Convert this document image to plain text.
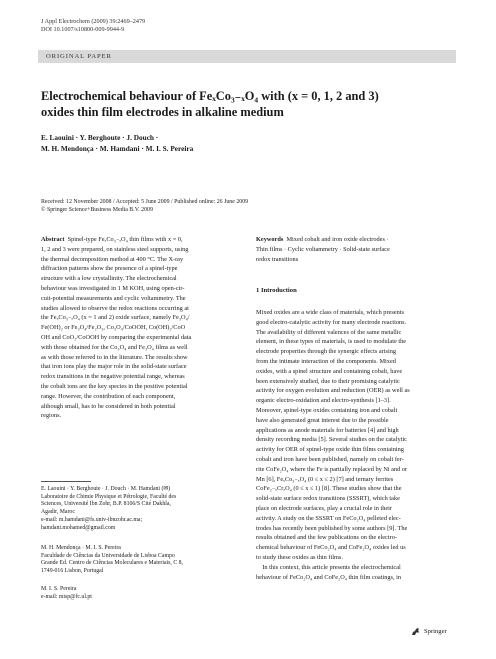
J Appl Electrochem (2009) 39:2469–2479
DOI 10.1007/s10800-009-9944-9
ORIGINAL PAPER
Electrochemical behaviour of FeₓCo₃₋ₓO₄ with (x = 0, 1, 2 and 3)
oxides thin film electrodes in alkaline medium
E. Laouini · Y. Berghoute · J. Douch ·
M. H. Mendonça · M. Hamdani · M. I. S. Pereira
Received: 12 November 2008 / Accepted: 5 June 2009 / Published online: 26 June 2009
© Springer Science+Business Media B.V. 2009
Abstract Spinel-type FeₓCo₃₋ₓO₄ thin films with x = 0,
1, 2 and 3 were prepared, on stainless steel supports, using
the thermal decomposition method at 400 °C. The X-ray
diffraction patterns show the presence of a spinel-type
structure with a low crystallinity. The electrochemical
behaviour was investigated in 1 M KOH, using open-cir-
cuit-potential measurements and cyclic voltammetry. The
studies allowed to observe the redox reactions occurring at
the FeₓCo₃₋ₓO₄ (x = 1 and 2) oxide surface, namely Fe₃O₄/
Fe(OH)₂ or Fe₃O₄/Fe₂O₃, Co₃O₄/CoOOH, Co(OH)₂/CoO
OH and CoO₂/CoOOH by comparing the experimental data
with those obtained for the Co₃O₄ and Fe₃O₄ films as well
as with those referred to in the literature. The results show
that iron ions play the major role in the solid-state surface
redox transitions in the negative potential range, whereas
the cobalt ions are the key species in the positive potential
range. However, the contribution of each component,
although small, has to be considered in both potential
regions.
Keywords Mixed cobalt and iron oxide electrodes ·
Thin films · Cyclic voltammetry · Solid-state surface
redox transitions
1 Introduction
Mixed oxides are a wide class of materials, which presents
good electro-catalytic activity for many electrode reactions.
The availability of different valences of the same metallic
element, in these types of materials, is used to modulate the
electrode properties through the synergic effects arising
from the intimate interaction of the components. Mixed
oxides, with a spinel structure and containing cobalt, have
been extensively studied, due to their promising catalytic
activity for oxygen evolution and reduction (OER) as well as
organic electro-oxidation and electro-synthesis [1–3].
Moreover, spinel-type oxides containing iron and cobalt
have also generated great interest due to the possible
applications as anode materials for batteries [4] and high
density recording media [5]. Several studies on the catalytic
activity for OER of spinel-type oxide thin films containing
cobalt and iron have been published, namely on cobalt fer-
rite CoFe₂O₄ where the Fe is partially replaced by Ni and or
Mn [6], FeₓCo₃₋ₓO₄ (0 ≤ x ≤ 2) [7] and ternary ferrites
CoFe₂₋ₓCrₓO₄ (0 ≤ x ≤ 1) [8]. These studies show that the
solid-state surface redox transitions (SSSRT), which take
place on electrode surfaces, play a crucial role in their
activity. A study on the SSSRT on FeCo₂O₄ pelleted elec-
trodes has recently been published by some authors [9]. The
results obtained and the few publications on the electro-
chemical behaviour of FeCo₂O₄ and CoFe₂O₄ oxides led us
to study these oxides as thin films.
 In this context, this article presents the electrochemical
behaviour of FeCo₂O₄ and CoFe₂O₄ thin film coatings, in
E. Laouini · Y. Berghoute · J. Douch · M. Hamdani (✉)
Laboratoire de Chimie Physique et Pétrologie, Faculté des
Sciences, Université Ibn Zohr, B.P. 8106/S Cité Dakhla,
Agadir, Maroc
e-mail: m.hamdani@fs.univ-ibnzohr.ac.ma;
hamdani.mohamed@gmail.com
M. H. Mendonça · M. I. S. Pereira
Faculdade de Ciências da Universidade de Lisboa Campo
Grande Ed. Centro de Ciências Moleculares e Materiais, C 8,
1749-016 Lisbon, Portugal
M. I. S. Pereira
e-mail: misp@fc.ul.pt
Springer
